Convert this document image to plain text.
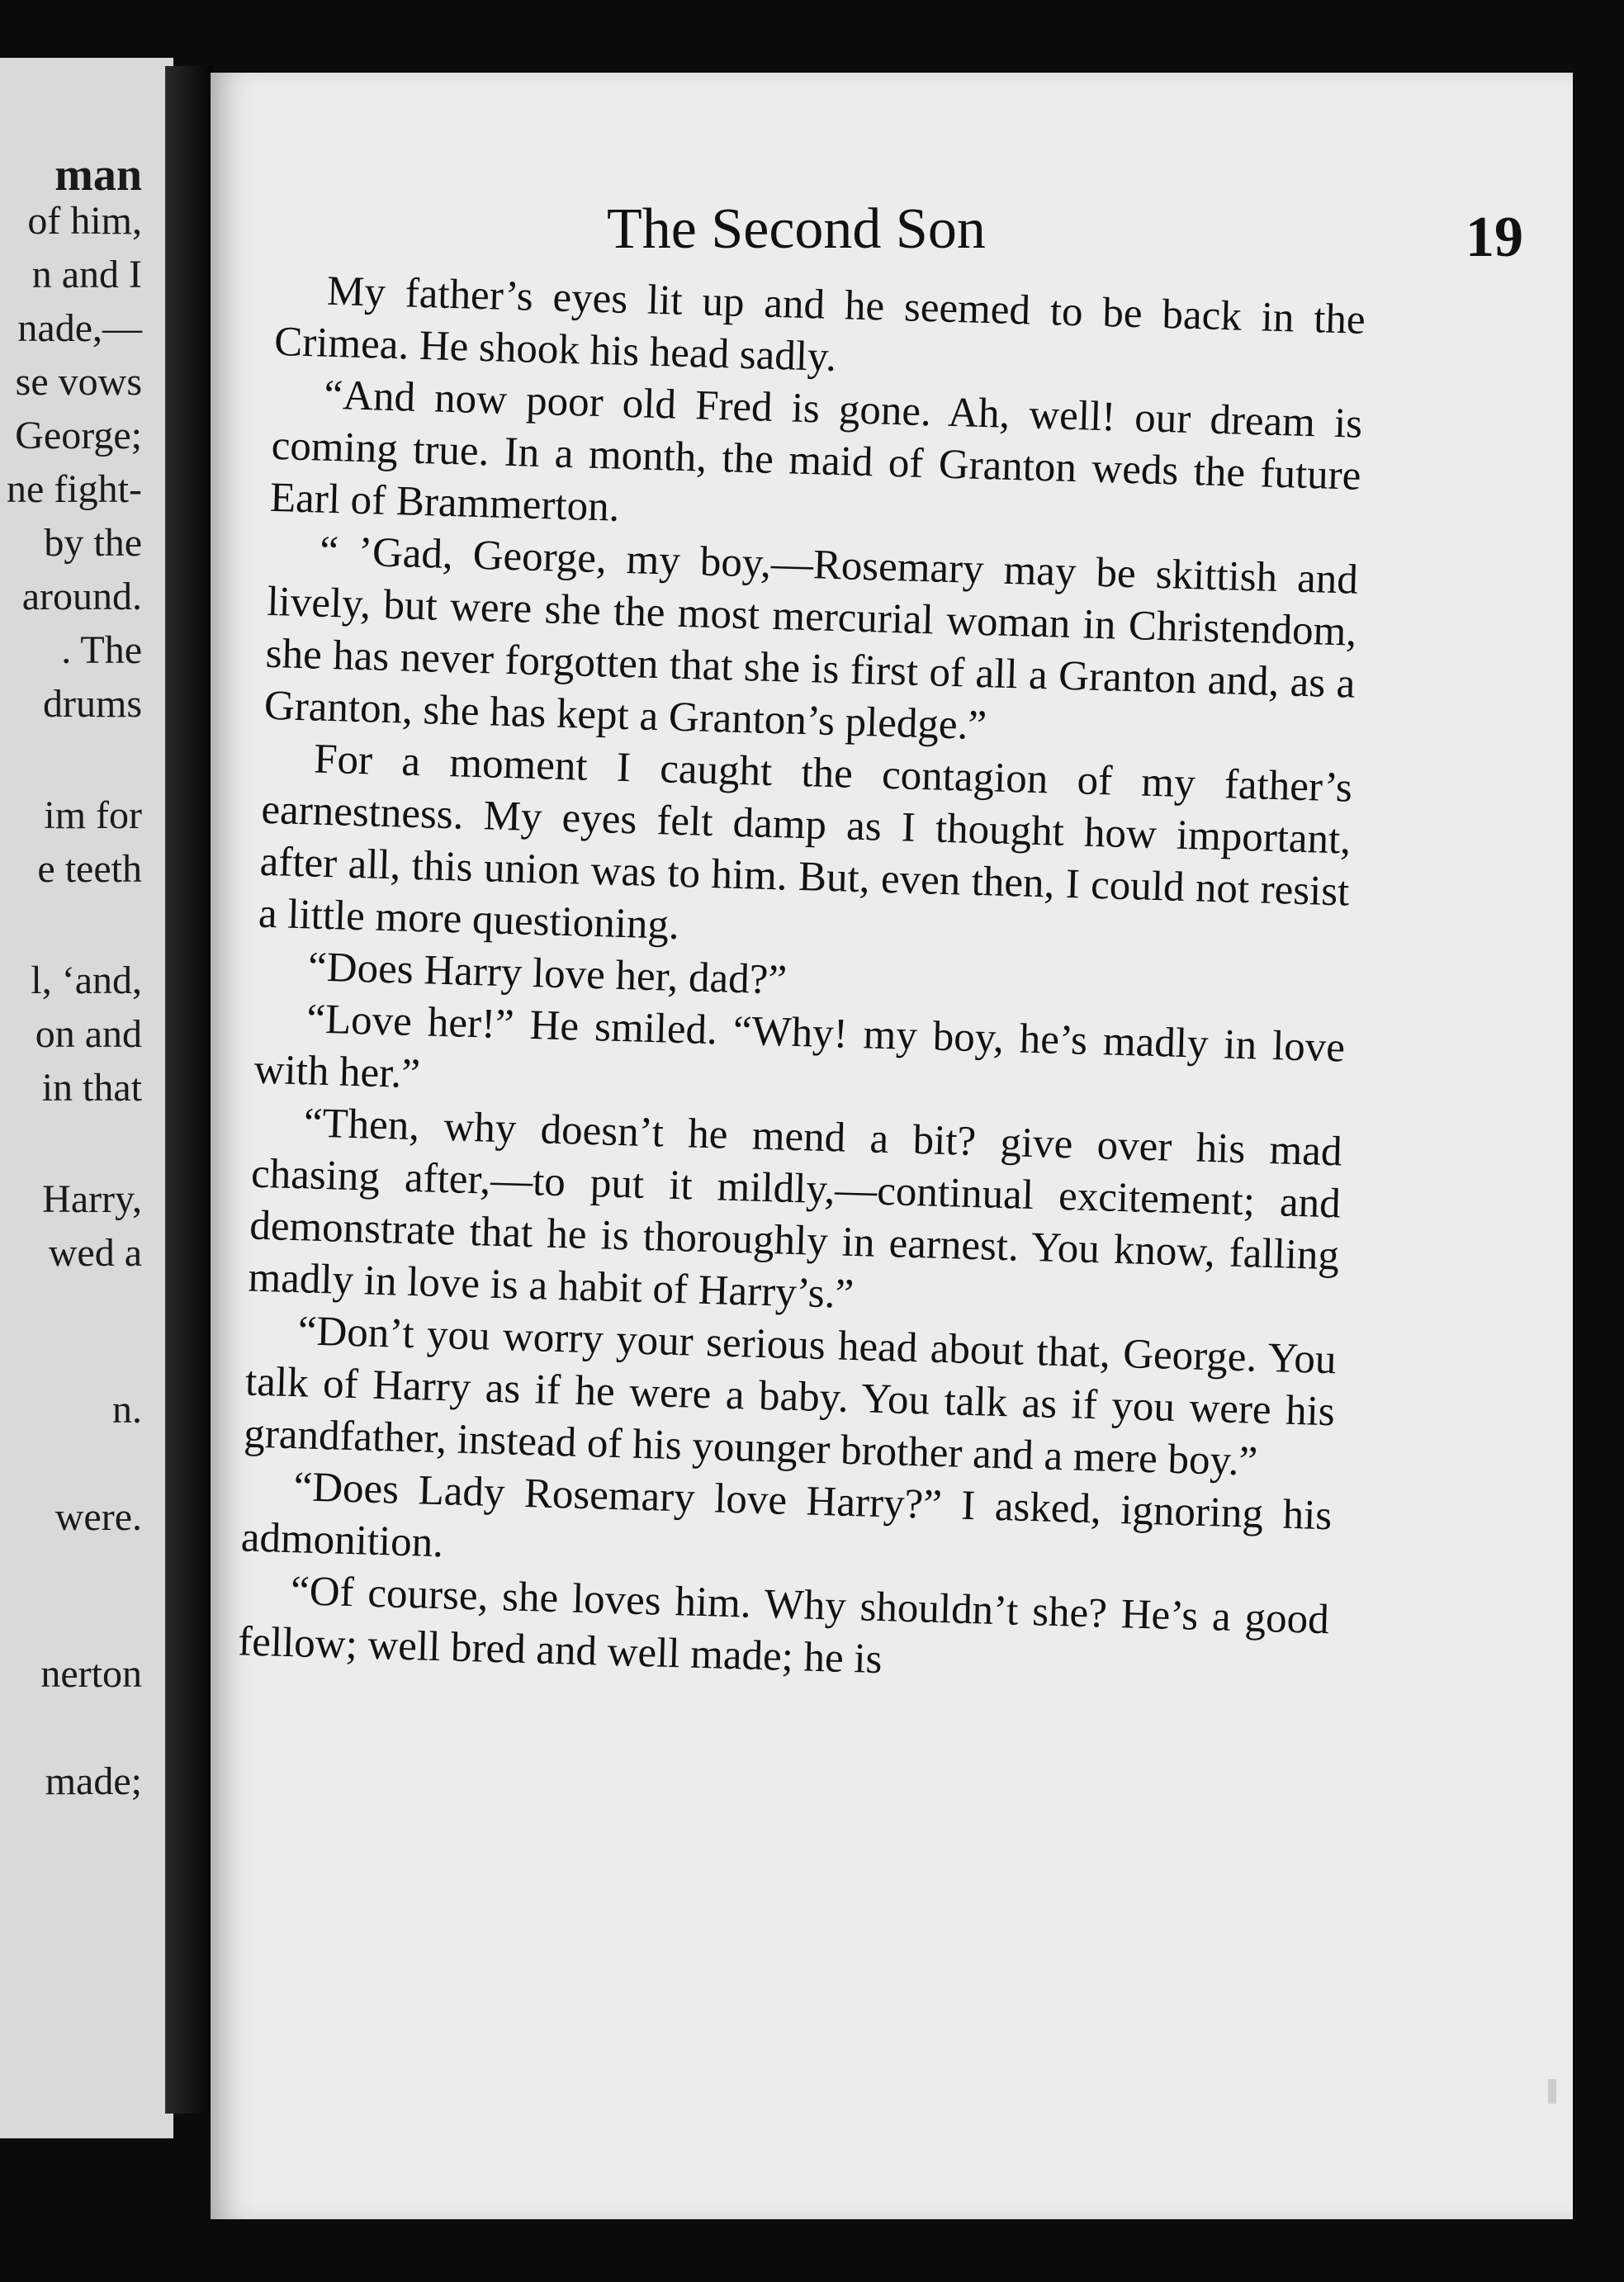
man
of him,
n and I
nade,—
se vows
George;
ne fight-
by the
around.
. The
drums
im for
e teeth
l, ‘and,
on and
in that
Harry,
wed a
n.
were.
nerton
made;
The Second Son	19

My father’s eyes lit up and he seemed to be back in the Crimea. He shook his head sadly.

“And now poor old Fred is gone. Ah, well! our dream is coming true. In a month, the maid of Granton weds the future Earl of Brammerton.

“ ’Gad, George, my boy,—Rosemary may be skittish and lively, but were she the most mercurial woman in Christendom, she has never forgotten that she is first of all a Granton and, as a Granton, she has kept a Granton’s pledge.”

For a moment I caught the contagion of my father’s earnestness. My eyes felt damp as I thought how important, after all, this union was to him. But, even then, I could not resist a little more questioning.

“Does Harry love her, dad?”

“Love her!” He smiled. “Why! my boy, he’s madly in love with her.”

“Then, why doesn’t he mend a bit? give over his mad chasing after,—to put it mildly,—continual excitement; and demonstrate that he is thoroughly in earnest. You know, falling madly in love is a habit of Harry’s.”

“Don’t you worry your serious head about that, George. You talk of Harry as if he were a baby. You talk as if you were his grandfather, instead of his younger brother and a mere boy.”

“Does Lady Rosemary love Harry?” I asked, ignoring his admonition.

“Of course, she loves him. Why shouldn’t she? He’s a good fellow; well bred and well made; he is
